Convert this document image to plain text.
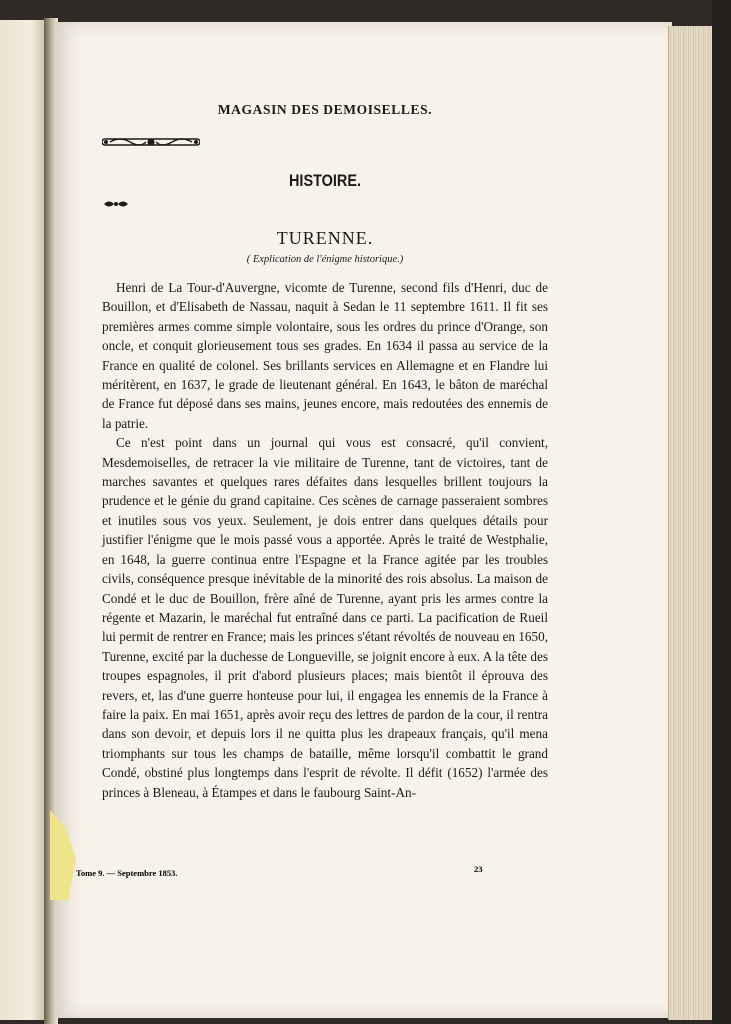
MAGASIN DES DEMOISELLES.
HISTOIRE.
TURENNE.
( Explication de l'énigme historique.)

Henri de La Tour-d'Auvergne, vicomte de Turenne, second fils d'Henri, duc de Bouillon, et d'Elisabeth de Nassau, naquit à Sedan le 11 septembre 1611. Il fit ses premières armes comme simple volontaire, sous les ordres du prince d'Orange, son oncle, et conquit glorieusement tous ses grades. En 1634 il passa au service de la France en qualité de colonel. Ses brillants services en Allemagne et en Flandre lui méritèrent, en 1637, le grade de lieutenant général. En 1643, le bâton de maréchal de France fut déposé dans ses mains, jeunes encore, mais redoutées des ennemis de la patrie.

Ce n'est point dans un journal qui vous est consacré, qu'il convient, Mesdemoiselles, de retracer la vie militaire de Turenne, tant de victoires, tant de marches savantes et quelques rares défaites dans lesquelles brillent toujours la prudence et le génie du grand capitaine. Ces scènes de carnage passeraient sombres et inutiles sous vos yeux. Seulement, je dois entrer dans quelques détails pour justifier l'énigme que le mois passé vous a apportée. Après le traité de Westphalie, en 1648, la guerre continua entre l'Espagne et la France agitée par les troubles civils, conséquence presque inévitable de la minorité des rois absolus. La maison de Condé et le duc de Bouillon, frère aîné de Turenne, ayant pris les armes contre la régente et Mazarin, le maréchal fut entraîné dans ce parti. La pacification de Rueil lui permit de rentrer en France; mais les princes s'étant révoltés de nouveau en 1650, Turenne, excité par la duchesse de Longueville, se joignit encore à eux. A la tête des troupes espagnoles, il prit d'abord plusieurs places; mais bientôt il éprouva des revers, et, las d'une guerre honteuse pour lui, il engagea les ennemis de la France à faire la paix. En mai 1651, après avoir reçu des lettres de pardon de la cour, il rentra dans son devoir, et depuis lors il ne quitta plus les drapeaux français, qu'il mena triomphants sur tous les champs de bataille, même lorsqu'il combattit le grand Condé, obstiné plus longtemps dans l'esprit de révolte. Il défit (1652) l'armée des princes à Bleneau, à Étampes et dans le faubourg Saint-An-

Tome 9. — Septembre 1853.	23
